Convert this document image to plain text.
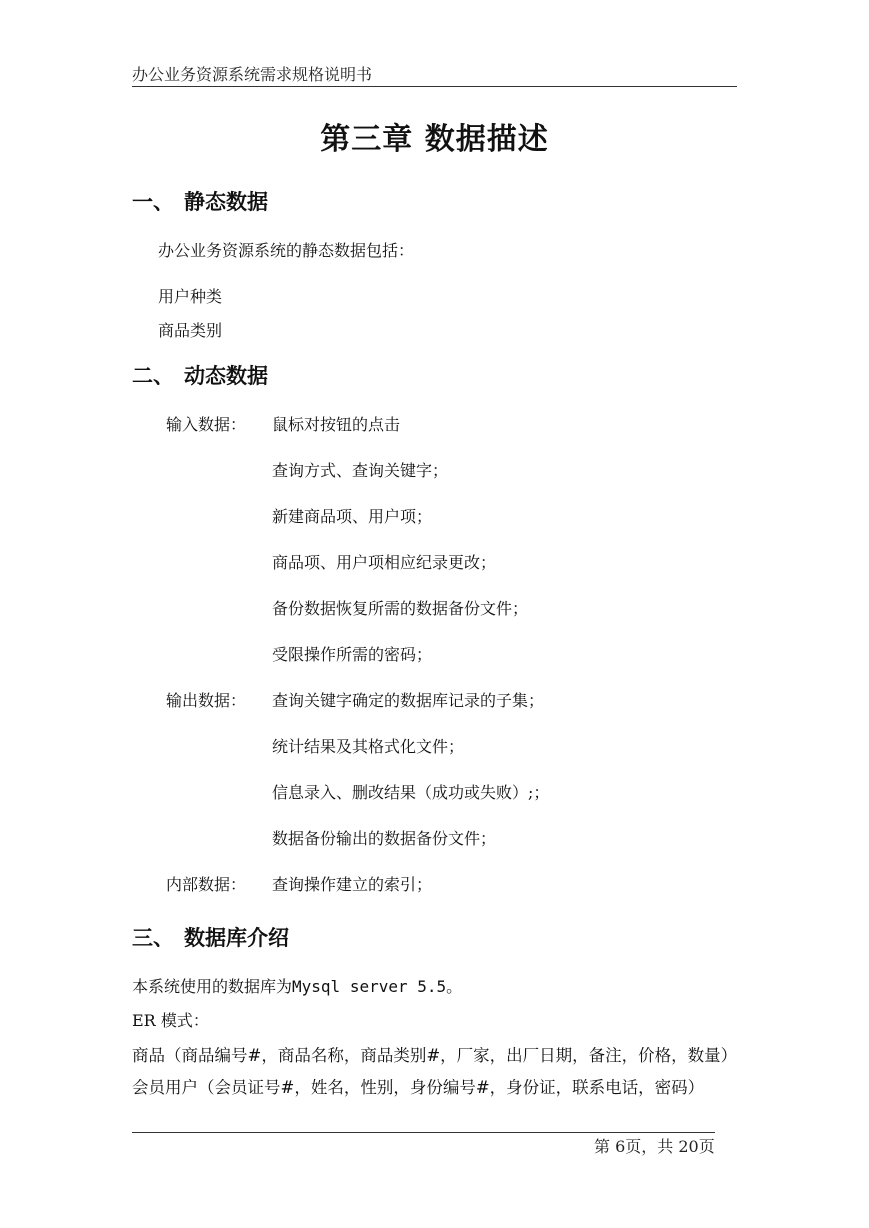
办公业务资源系统需求规格说明书
第三章 数据描述
一、 静态数据
办公业务资源系统的静态数据包括：
用户种类
商品类别
二、 动态数据
输入数据： 鼠标对按钮的点击
查询方式、查询关键字；
新建商品项、用户项；
商品项、用户项相应纪录更改；
备份数据恢复所需的数据备份文件；
受限操作所需的密码；
输出数据： 查询关键字确定的数据库记录的子集；
统计结果及其格式化文件；
信息录入、删改结果（成功或失败）;；
数据备份输出的数据备份文件；
内部数据： 查询操作建立的索引；
三、 数据库介绍
本系统使用的数据库为Mysql server 5.5。
ER 模式：
商品（商品编号#，商品名称，商品类别#，厂家，出厂日期，备注，价格，数量）
会员用户（会员证号#，姓名，性别，身份编号#，身份证，联系电话，密码）
第 6页，共 20页
